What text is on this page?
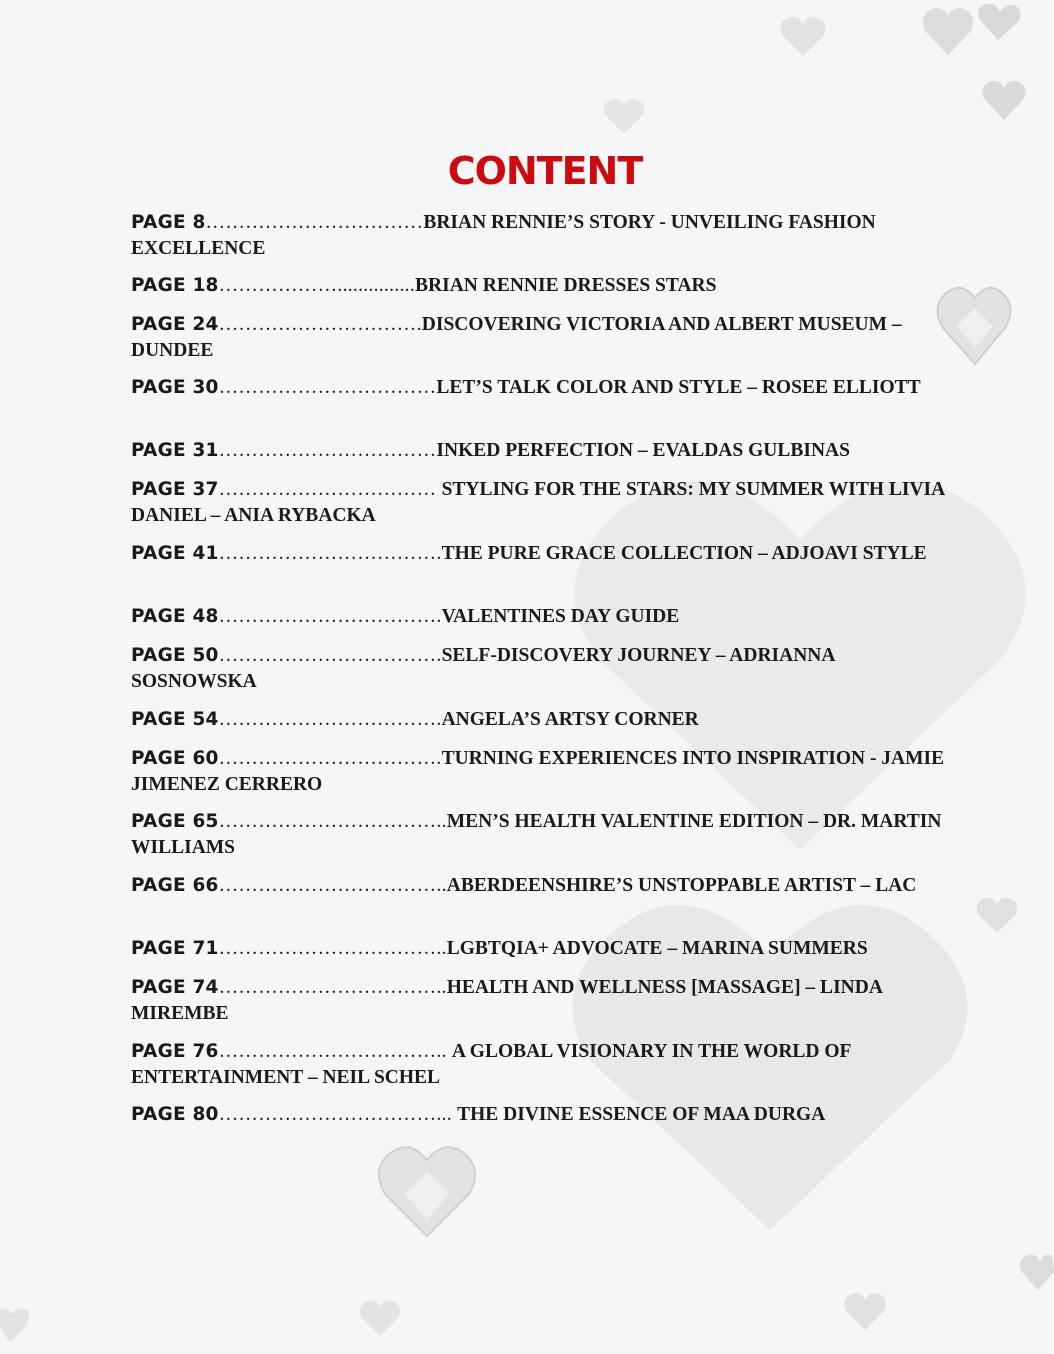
CONTENT
PAGE 8……………………………BRIAN RENNIE’S STORY - UNVEILING FASHION EXCELLENCE
PAGE 18………………...............BRIAN RENNIE DRESSES STARS
PAGE 24………………………….DISCOVERING VICTORIA AND ALBERT MUSEUM – DUNDEE
PAGE 30……………………………LET’S TALK COLOR AND STYLE – ROSEE ELLIOTT
PAGE 31……………………………INKED PERFECTION – EVALDAS GULBINAS
PAGE 37…………………………… STYLING FOR THE STARS: MY SUMMER WITH LIVIA DANIEL – ANIA RYBACKA
PAGE 41…………………………….THE PURE GRACE COLLECTION – ADJOAVI STYLE
PAGE 48…………………………….VALENTINES DAY GUIDE
PAGE 50…………………………….SELF-DISCOVERY JOURNEY – ADRIANNA SOSNOWSKA
PAGE 54…………………………….ANGELA’S ARTSY CORNER
PAGE 60…………………………….TURNING EXPERIENCES INTO INSPIRATION - JAMIE JIMENEZ CERRERO
PAGE 65……………………………..MEN’S HEALTH VALENTINE EDITION – DR. MARTIN WILLIAMS
PAGE 66……………………………..ABERDEENSHIRE’S UNSTOPPABLE ARTIST – LAC
PAGE 71……………………………..LGBTQIA+ ADVOCATE – MARINA SUMMERS
PAGE 74……………………………..HEALTH AND WELLNESS [MASSAGE] – LINDA MIREMBE
PAGE 76…………………………….. A GLOBAL VISIONARY IN THE WORLD OF ENTERTAINMENT – NEIL SCHEL
PAGE 80……………………………... THE DIVINE ESSENCE OF MAA DURGA
